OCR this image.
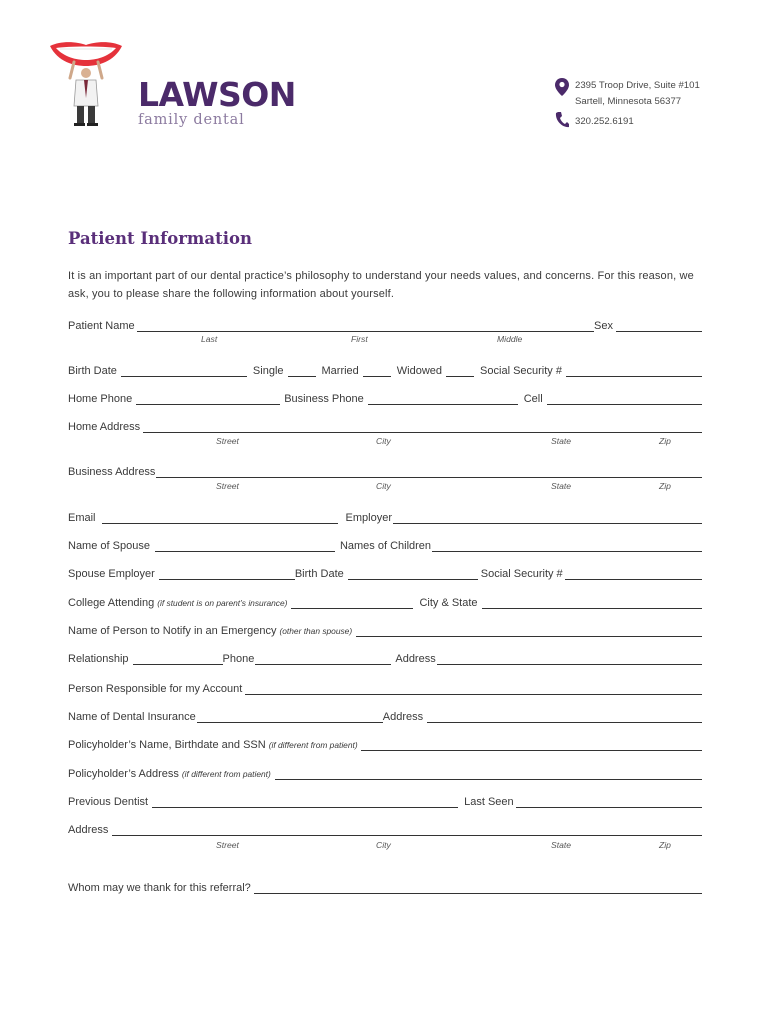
LAWSON
family dental
2395 Troop Drive, Suite #101
Sartell, Minnesota 56377
320.252.6191
Patient Information

It is an important part of our dental practice’s philosophy to understand your needs values, and concerns. For this reason, we ask, you to please share the following information about yourself.

Patient Name	Sex
Last	First	Middle
Birth Date	Single	Married	Widowed	Social Security #
Home Phone	Business Phone	Cell
Home Address
Street	City	State	Zip
Business Address
Street	City	State	Zip
Email	Employer
Name of Spouse	Names of Children
Spouse Employer	Birth Date	Social Security #
College Attending (if student is on parent’s insurance)	City & State
Name of Person to Notify in an Emergency (other than spouse)
Relationship	Phone	Address
Person Responsible for my Account
Name of Dental Insurance	Address
Policyholder’s Name, Birthdate and SSN (if different from patient)
Policyholder’s Address (if different from patient)
Previous Dentist	Last Seen
Address
Street	City	State	Zip
Whom may we thank for this referral?
